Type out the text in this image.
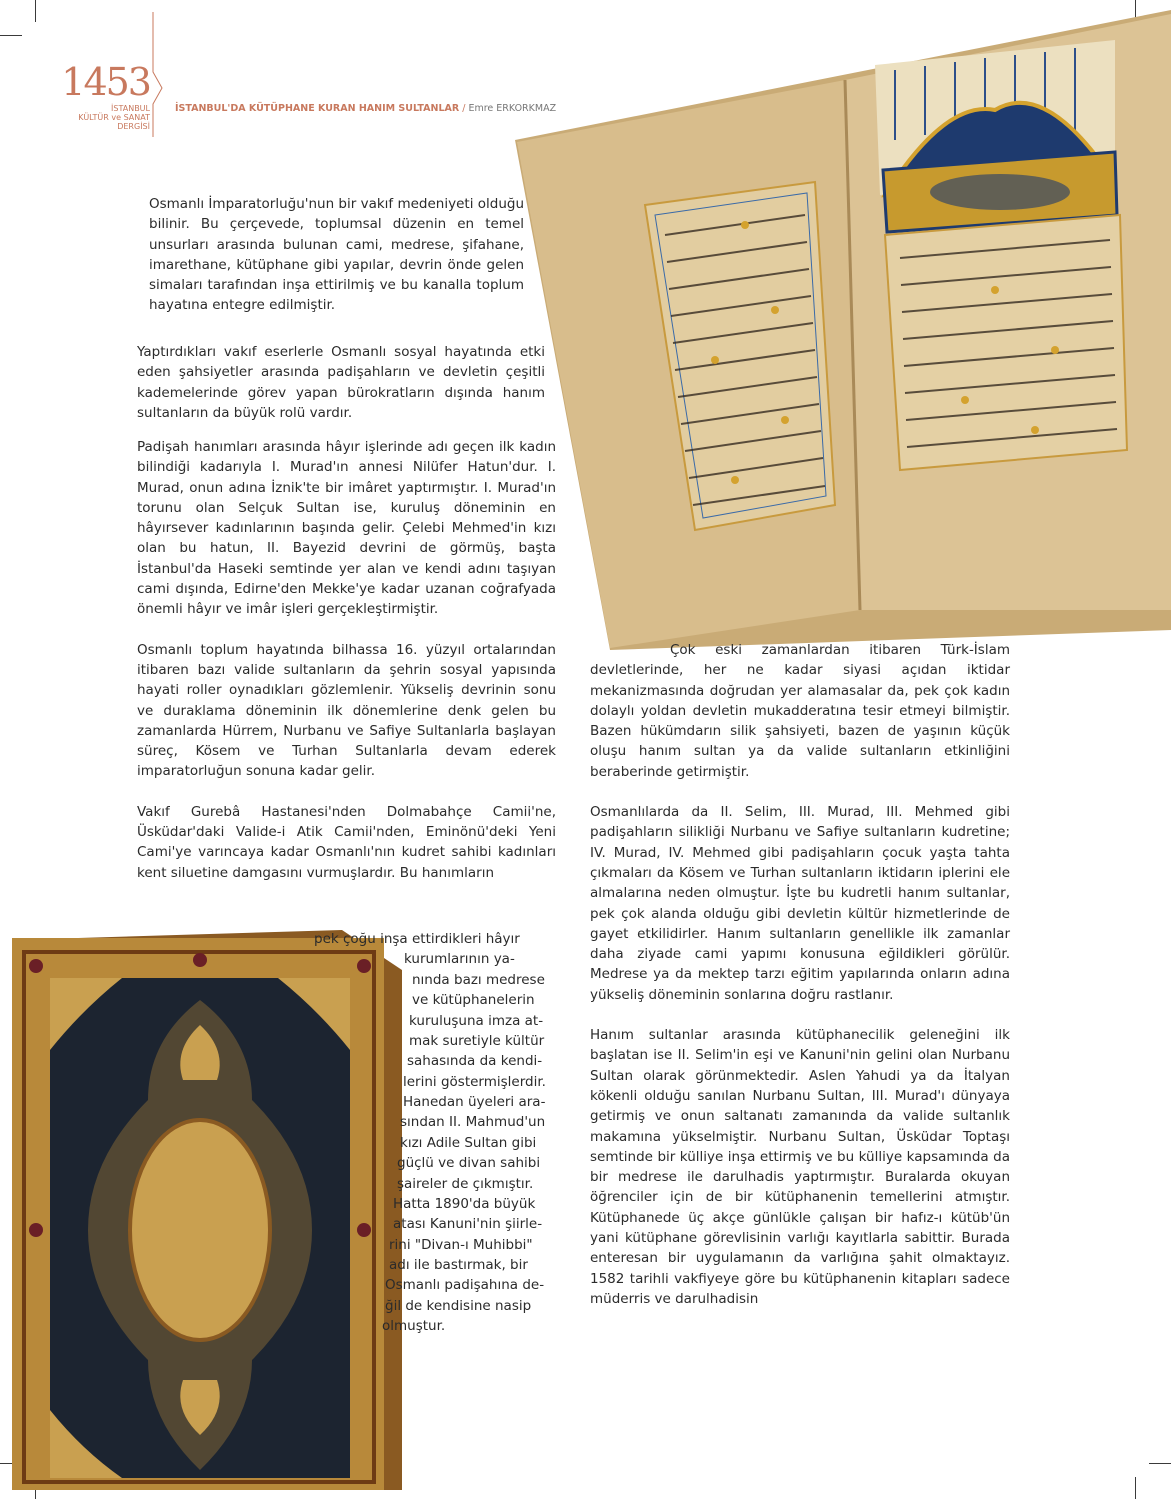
1453
İSTANBUL
KÜLTÜR ve SANAT
DERGİSİ
İSTANBUL'DA KÜTÜPHANE KURAN HANIM SULTANLAR / Emre ERKORKMAZ

Osmanlı İmparatorluğu'nun bir vakıf medeniyeti olduğu bilinir. Bu çerçevede, toplumsal düzenin en temel unsurları arasında bulunan cami, medrese, şifahane, imarethane, kütüphane gibi yapılar, devrin önde gelen simaları tarafından inşa ettirilmiş ve bu kanalla toplum hayatına entegre edilmiştir.

Yaptırdıkları vakıf eserlerle Osmanlı sosyal hayatında etki eden şahsiyetler arasında padişahların ve devletin çeşitli kademelerinde görev yapan bürokratların dışında hanım sultanların da büyük rolü vardır.

Padişah hanımları arasında hâyır işlerinde adı geçen ilk kadın bilindiği kadarıyla I. Murad'ın annesi Nilüfer Hatun'dur. I. Murad, onun adına İznik'te bir imâret yaptırmıştır. I. Murad'ın torunu olan Selçuk Sultan ise, kuruluş döneminin en hâyırsever kadınlarının başında gelir. Çelebi Mehmed'in kızı olan bu hatun, II. Bayezid devrini de görmüş, başta İstanbul'da Haseki semtinde yer alan ve kendi adını taşıyan cami dışında, Edirne'den Mekke'ye kadar uzanan coğrafyada önemli hâyır ve imâr işleri gerçekleştirmiştir.

Osmanlı toplum hayatında bilhassa 16. yüzyıl ortalarından itibaren bazı valide sultanların da şehrin sosyal yapısında hayati roller oynadıkları gözlemlenir. Yükseliş devrinin sonu ve duraklama döneminin ilk dönemlerine denk gelen bu zamanlarda Hürrem, Nurbanu ve Safiye Sultanlarla başlayan süreç, Kösem ve Turhan Sultanlarla devam ederek imparatorluğun sonuna kadar gelir.

Vakıf Gurebâ Hastanesi'nden Dolmabahçe Camii'ne, Üsküdar'daki Valide-i Atik Camii'nden, Eminönü'deki Yeni Cami'ye varıncaya kadar Osmanlı'nın kudret sahibi kadınları kent siluetine damgasını vurmuşlardır. Bu hanımların

pek çoğu inşa ettirdikleri hâyır
kurumlarının ya-
nında bazı medrese
ve kütüphanelerin
kuruluşuna imza at-
mak suretiyle kültür
sahasında da kendi-
lerini göstermişlerdir.
Hanedan üyeleri ara-
sından II. Mahmud'un
kızı Adile Sultan gibi
güçlü ve divan sahibi
şaireler de çıkmıştır.
Hatta 1890'da büyük
atası Kanuni'nin şiirle-
rini "Divan-ı Muhibbi"
adı ile bastırmak, bir
Osmanlı padişahına de-
ğil de kendisine nasip
olmuştur.

Çok eski zamanlardan itibaren Türk-İslam devletlerinde, her ne kadar siyasi açıdan iktidar mekanizmasında doğrudan yer alamasalar da, pek çok kadın dolaylı yoldan devletin mukadderatına tesir etmeyi bilmiştir. Bazen hükümdarın silik şahsiyeti, bazen de yaşının küçük oluşu hanım sultan ya da valide sultanların etkinliğini beraberinde getirmiştir.

Osmanlılarda da II. Selim, III. Murad, III. Mehmed gibi padişahların silikliği Nurbanu ve Safiye sultanların kudretine; IV. Murad, IV. Mehmed gibi padişahların çocuk yaşta tahta çıkmaları da Kösem ve Turhan sultanların iktidarın iplerini ele almalarına neden olmuştur. İşte bu kudretli hanım sultanlar, pek çok alanda olduğu gibi devletin kültür hizmetlerinde de gayet etkilidirler. Hanım sultanların genellikle ilk zamanlar daha ziyade cami yapımı konusuna eğildikleri görülür. Medrese ya da mektep tarzı eğitim yapılarında onların adına yükseliş döneminin sonlarına doğru rastlanır.

Hanım sultanlar arasında kütüphanecilik geleneğini ilk başlatan ise II. Selim'in eşi ve Kanuni'nin gelini olan Nurbanu Sultan olarak görünmektedir. Aslen Yahudi ya da İtalyan kökenli olduğu sanılan Nurbanu Sultan, III. Murad'ı dünyaya getirmiş ve onun saltanatı zamanında da valide sultanlık makamına yükselmiştir. Nurbanu Sultan, Üsküdar Toptaşı semtinde bir külliye inşa ettirmiş ve bu külliye kapsamında da bir medrese ile darulhadis yaptırmıştır. Buralarda okuyan öğrenciler için de bir kütüphanenin temellerini atmıştır. Kütüphanede üç akçe günlükle çalışan bir hafız-ı kütüb'ün yani kütüphane görevlisinin varlığı kayıtlarla sabittir. Burada enteresan bir uygulamanın da varlığına şahit olmaktayız. 1582 tarihli vakfiyeye göre bu kütüphanenin kitapları sadece müderris ve darulhadisin
